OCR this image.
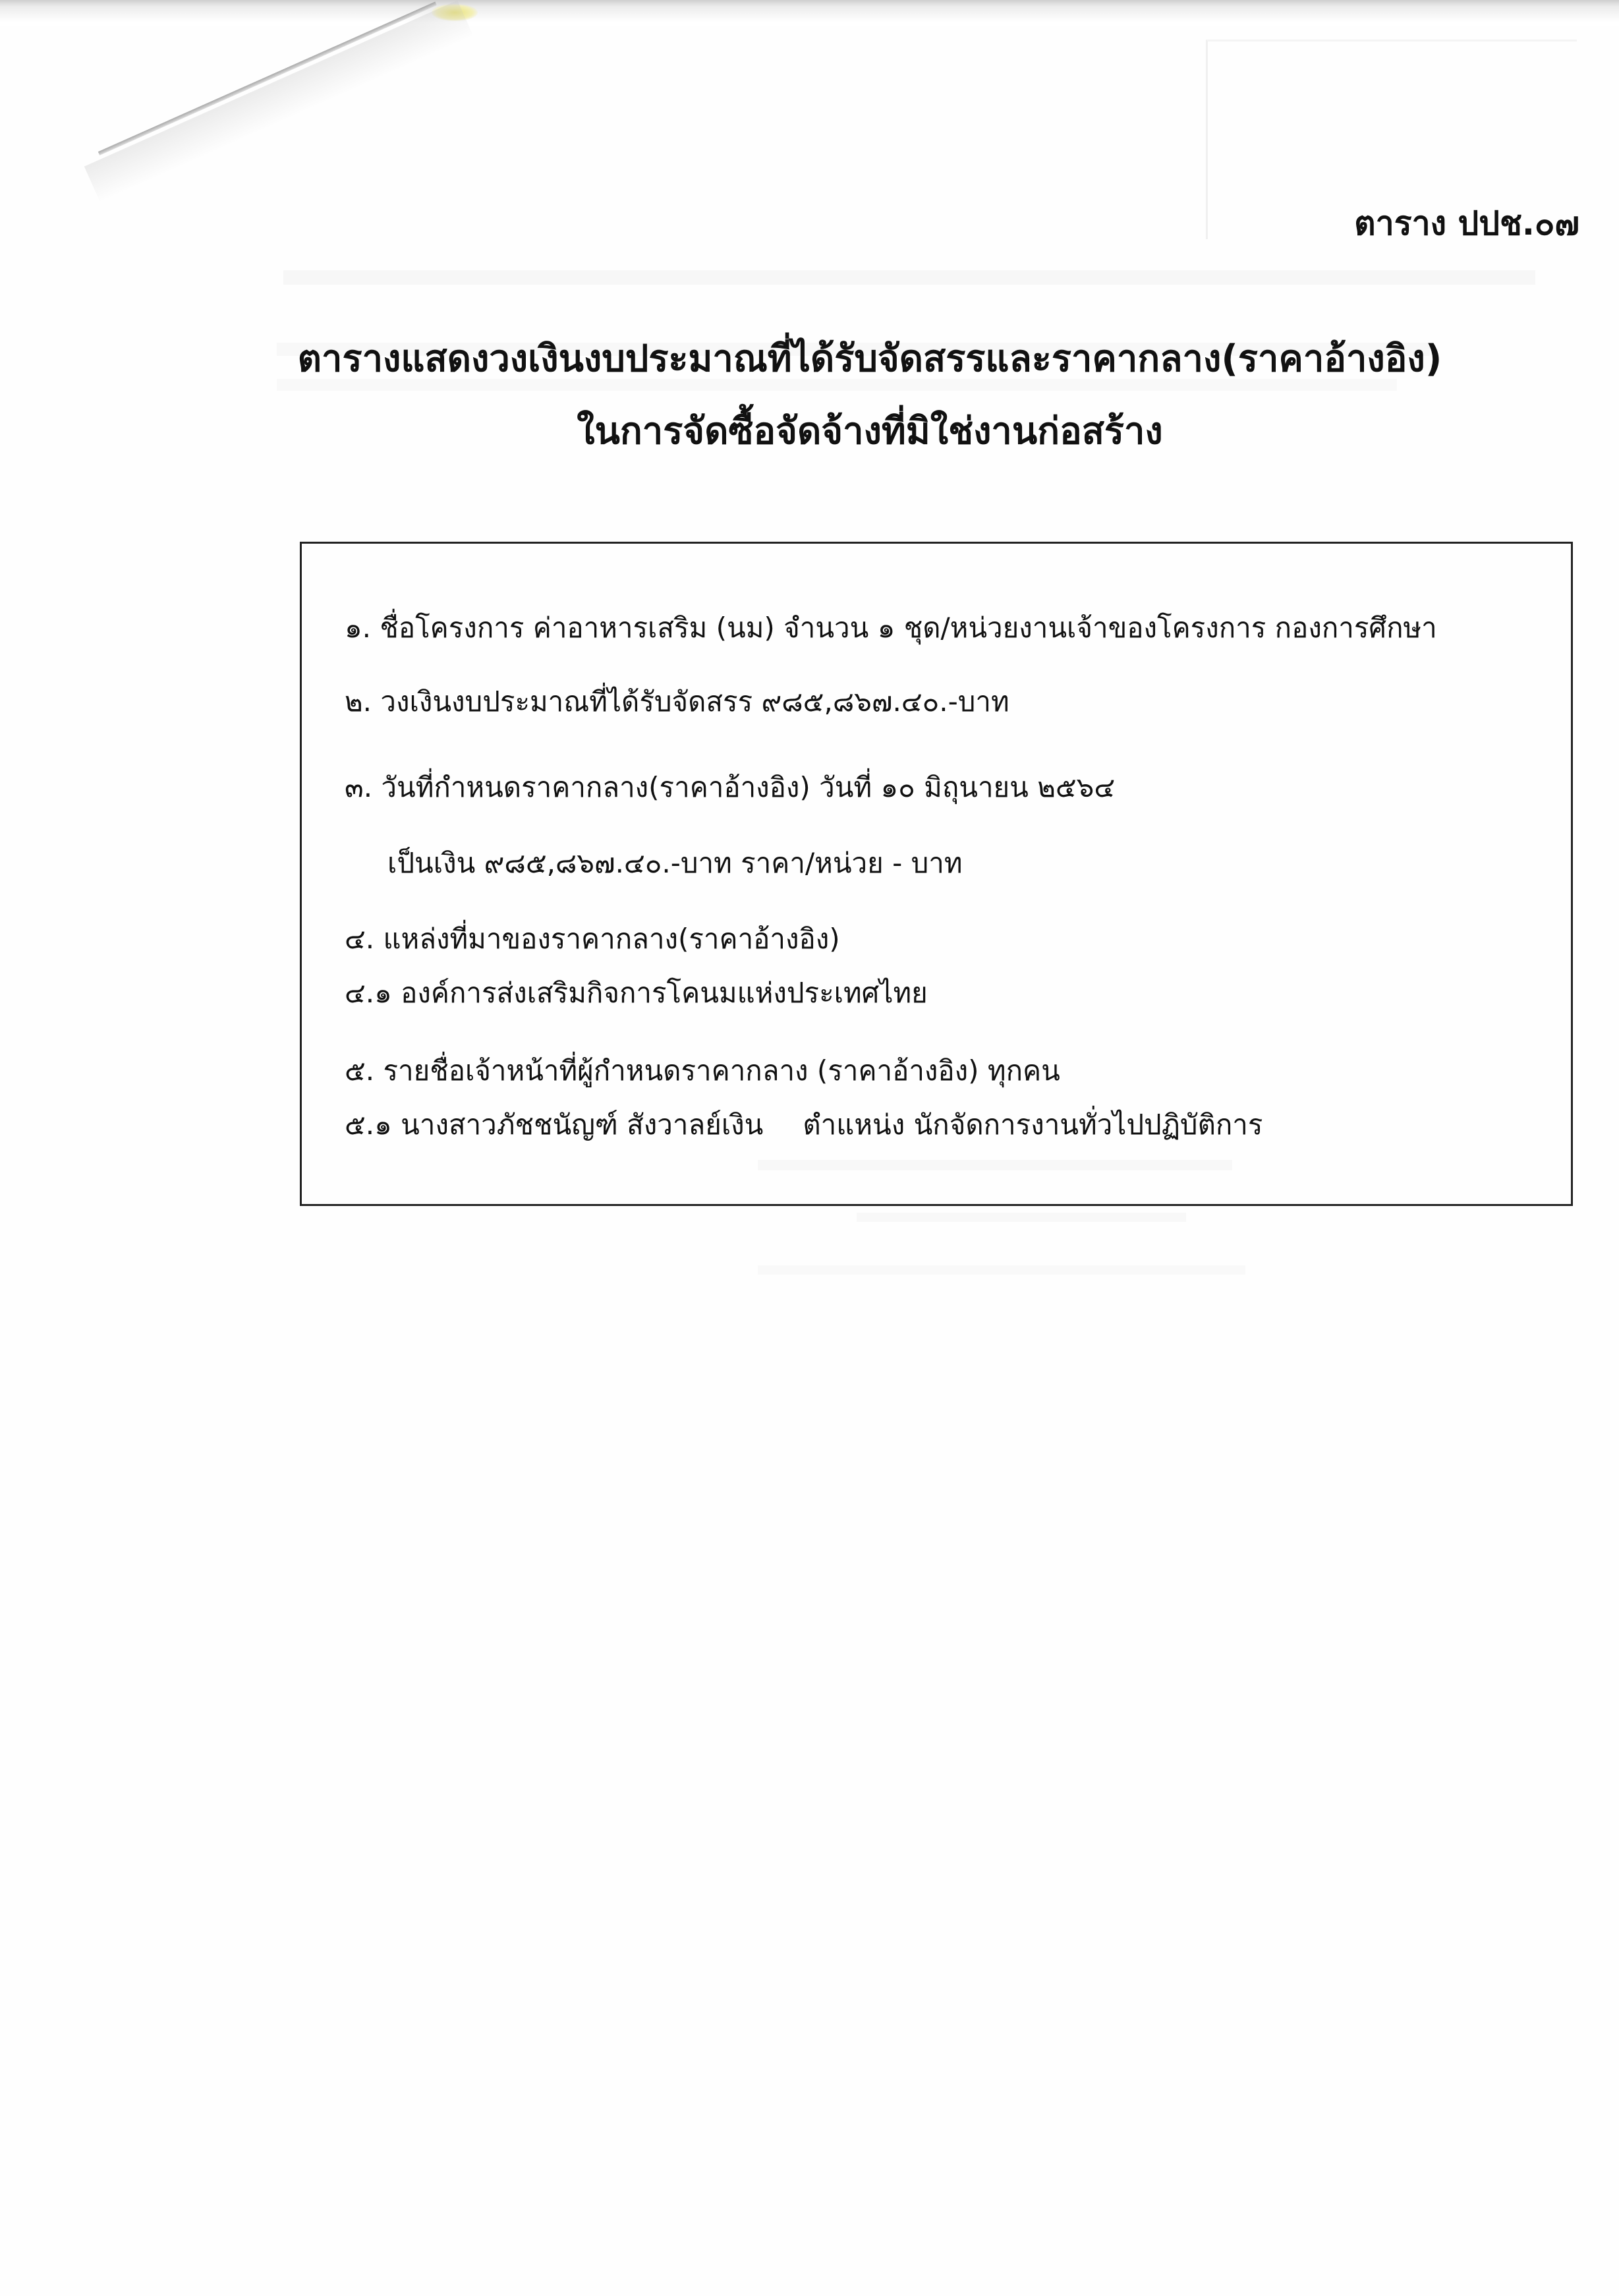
ตาราง ปปช.๐๗
ตารางแสดงวงเงินงบประมาณที่ได้รับจัดสรรและราคากลาง(ราคาอ้างอิง)
ในการจัดซื้อจัดจ้างที่มิใช่งานก่อสร้าง
๑. ชื่อโครงการ ค่าอาหารเสริม (นม) จำนวน ๑ ชุด/หน่วยงานเจ้าของโครงการ กองการศึกษา
๒. วงเงินงบประมาณที่ได้รับจัดสรร ๙๘๕,๘๖๗.๔๐.-บาท
๓. วันที่กำหนดราคากลาง(ราคาอ้างอิง) วันที่ ๑๐ มิถุนายน ๒๕๖๔
เป็นเงิน ๙๘๕,๘๖๗.๔๐.-บาท ราคา/หน่วย - บาท
๔. แหล่งที่มาของราคากลาง(ราคาอ้างอิง)
๔.๑ องค์การส่งเสริมกิจการโคนมแห่งประเทศไทย
๕. รายชื่อเจ้าหน้าที่ผู้กำหนดราคากลาง (ราคาอ้างอิง) ทุกคน
๕.๑ นางสาวภัชชนัญฑ์ สังวาลย์เงิน ตำแหน่ง นักจัดการงานทั่วไปปฏิบัติการ
